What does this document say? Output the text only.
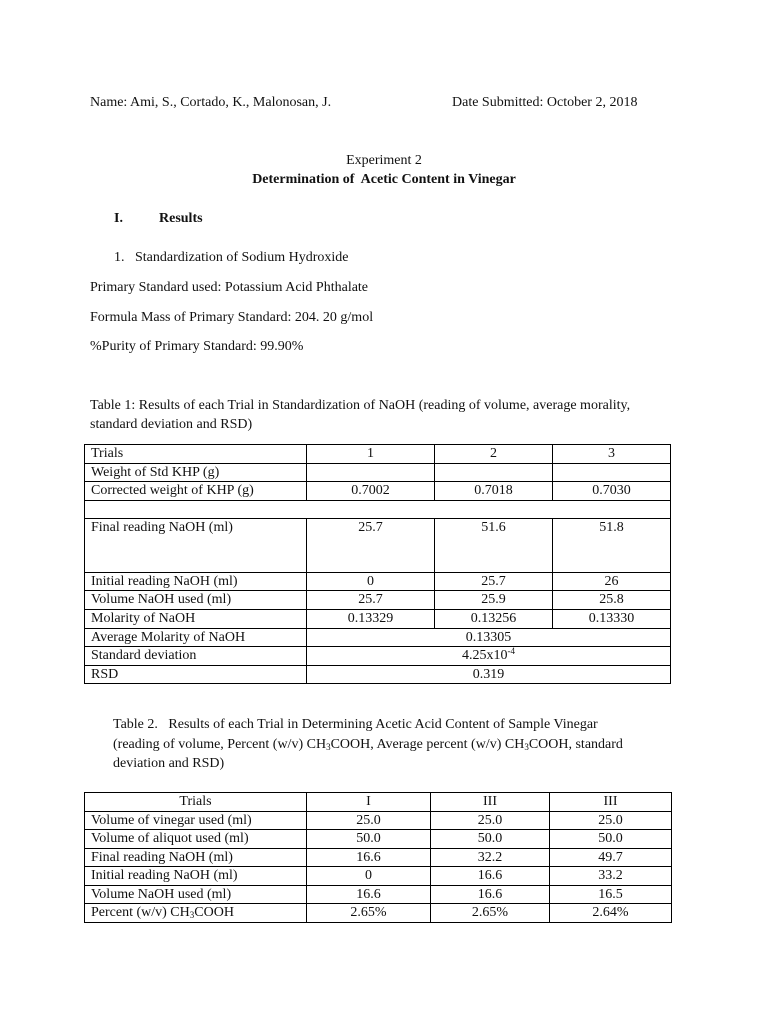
Name: Ami, S., Cortado, K., Malonosan, J.	Date Submitted: October 2, 2018
Experiment 2
Determination of  Acetic Content in Vinegar
I.	Results
1.   Standardization of Sodium Hydroxide
Primary Standard used: Potassium Acid Phthalate
Formula Mass of Primary Standard: 204. 20 g/mol
%Purity of Primary Standard: 99.90%
Table 1: Results of each Trial in Standardization of NaOH (reading of volume, average morality,
standard deviation and RSD)
Trials	1	2	3
Weight of Std KHP (g)			
Corrected weight of KHP (g)	0.7002	0.7018	0.7030

Final reading NaOH (ml)	25.7	51.6	51.8
Initial reading NaOH (ml)	0	25.7	26
Volume NaOH used (ml)	25.7	25.9	25.8
Molarity of NaOH	0.13329	0.13256	0.13330
Average Molarity of NaOH	0.13305		
Standard deviation	$4.25x10^{-4}$
RSD	0.319		
Table 2.   Results of each Trial in Determining Acetic Acid Content of Sample Vinegar
(reading of volume, Percent (w/v) $CH_3COOH$, Average percent (w/v) $CH_3COOH$, standard
deviation and RSD)
Trials	I	III	III
Volume of vinegar used (ml)	25.0	25.0	25.0
Volume of aliquot used (ml)	50.0	50.0	50.0
Final reading NaOH (ml)	16.6	32.2	49.7
Initial reading NaOH (ml)	0	16.6	33.2
Volume NaOH used (ml)	16.6	16.6	16.5
Percent (w/v) $CH_3COOH$	2.65%	2.65%	2.64%
